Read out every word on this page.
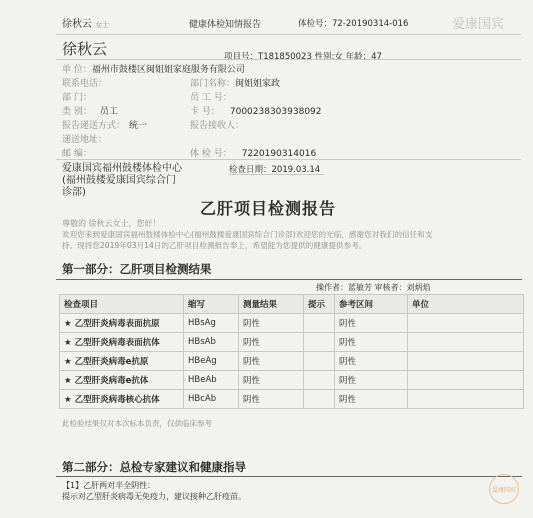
徐秋云 女士	健康体检知情报告	体检号：72-20190314-016	爱康国宾
徐秋云	项目号：T181850023 性别:女 年龄：47
单 位：福州市鼓楼区闽姐姐家庭服务有限公司
联系电话：	部门名称：闽姐姐家政
部 门：	员 工 号：
类 别： 员工	卡 号： 7000238303938092
报告递送方式： 统一	报告接收人：
递送地址：
邮 编：	体 检 号： 7220190314016
爱康国宾福州鼓楼体检中心
(福州鼓楼爱康国宾综合门
诊部)
检查日期：2019.03.14
乙肝项目检测报告
尊敬的 徐秋云女士，您好！
欢迎您来到爱康国宾福州鼓楼体检中心(福州鼓楼爱康国宾综合门诊部)欢迎您的光临，感谢您对我们的信任和支
持。现将您2019年03月14日的乙肝项目检测报告奉上，希望能为您提供的健康提供参考。
第一部分：乙肝项目检测结果
操作者：蓝敏芳 审核者：刘炳焰
检查项目	缩写	测量结果	提示	参考区间	单位
★ 乙型肝炎病毒表面抗原	HBsAg	阴性		阴性	
★ 乙型肝炎病毒表面抗体	HBsAb	阴性		阴性	
★ 乙型肝炎病毒e抗原	HBeAg	阴性		阴性	
★ 乙型肝炎病毒e抗体	HBeAb	阴性		阴性	
★ 乙型肝炎病毒核心抗体	HBcAb	阴性		阴性	
此检验结果仅对本次标本负责，仅供临床参考
第二部分：总检专家建议和健康指导
【1】乙肝两对半全阴性：
提示对乙型肝炎病毒无免疫力，建议接种乙肝疫苗。
爱康国宾
